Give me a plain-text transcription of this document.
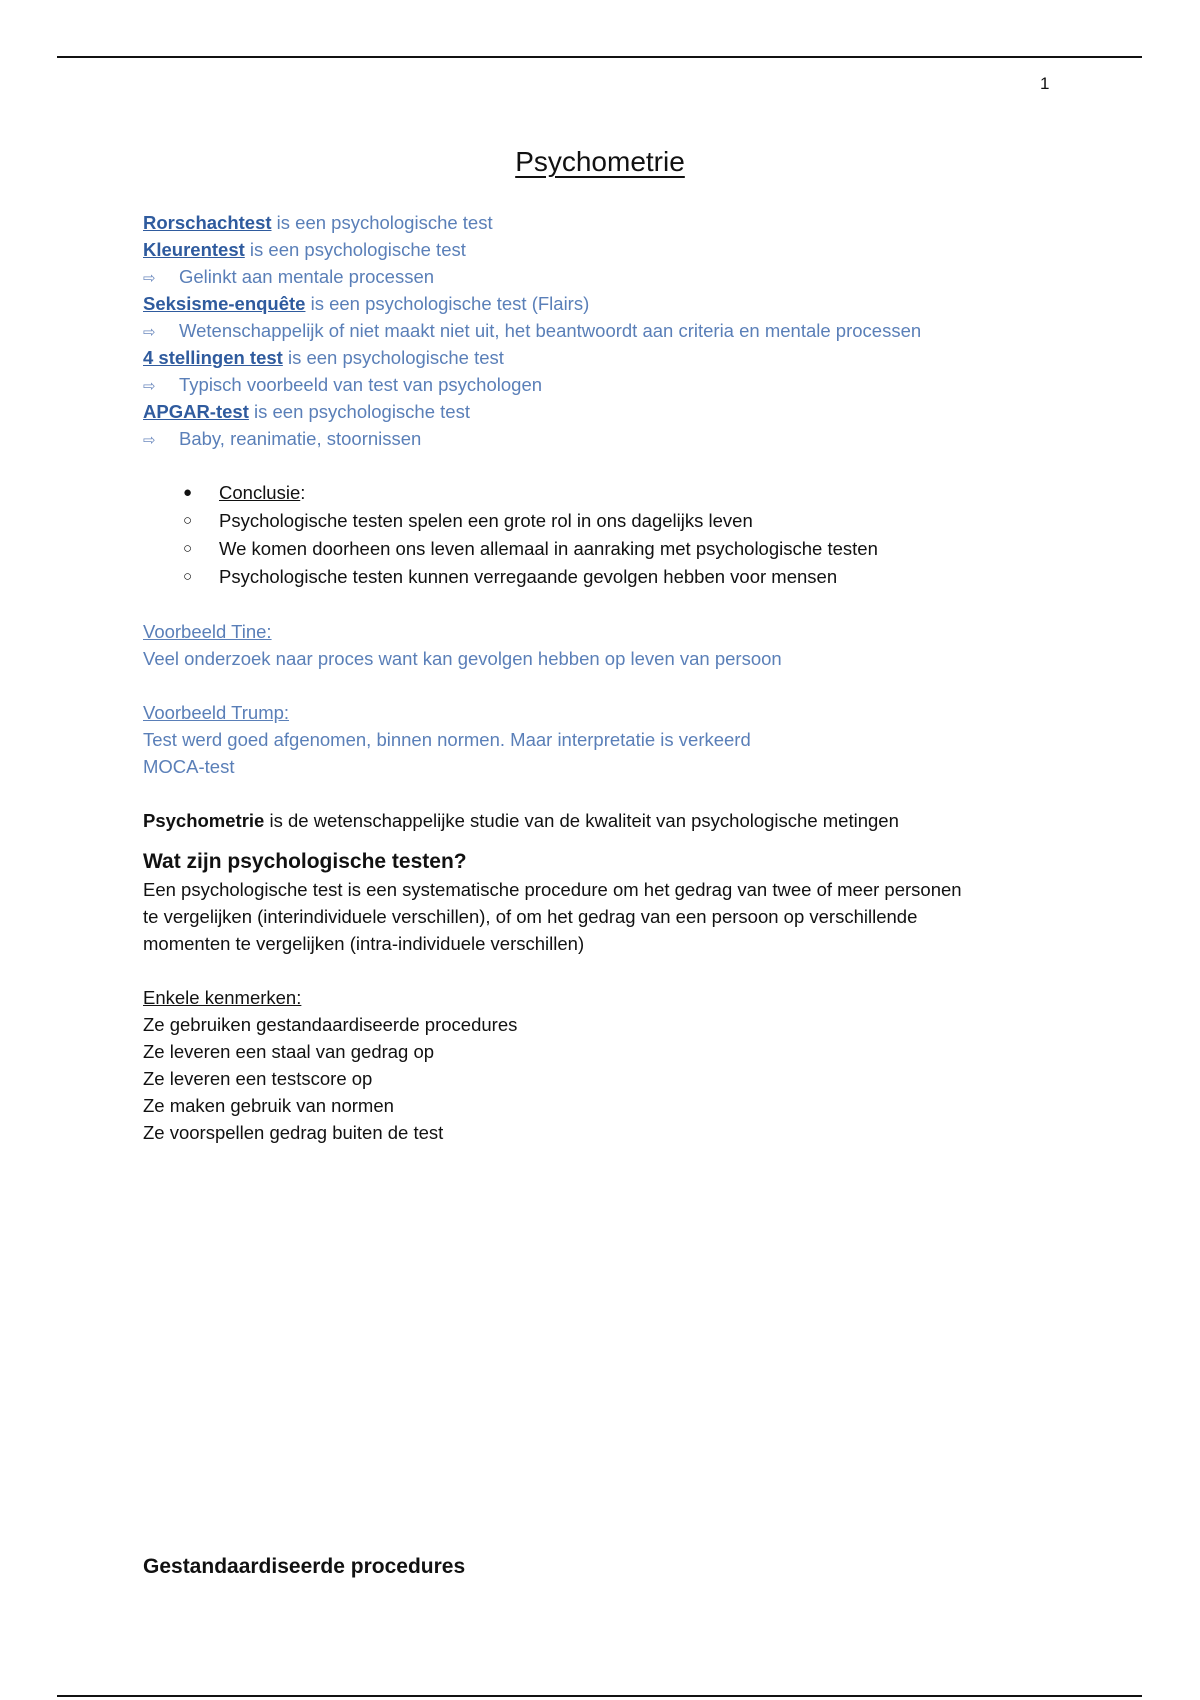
1
Psychometrie
Rorschachtest is een psychologische test
Kleurentest is een psychologische test
⇨ Gelinkt aan mentale processen
Seksisme-enquête is een psychologische test (Flairs)
⇨ Wetenschappelijk of niet maakt niet uit, het beantwoordt aan criteria en mentale processen
4 stellingen test is een psychologische test
⇨ Typisch voorbeeld van test van psychologen
APGAR-test is een psychologische test
⇨ Baby, reanimatie, stoornissen
●	Conclusie:
○	Psychologische testen spelen een grote rol in ons dagelijks leven
○	We komen doorheen ons leven allemaal in aanraking met psychologische testen
○	Psychologische testen kunnen verregaande gevolgen hebben voor mensen
Voorbeeld Tine:
Veel onderzoek naar proces want kan gevolgen hebben op leven van persoon
Voorbeeld Trump:
Test werd goed afgenomen, binnen normen. Maar interpretatie is verkeerd
MOCA-test
Psychometrie is de wetenschappelijke studie van de kwaliteit van psychologische metingen
Wat zijn psychologische testen?
Een psychologische test is een systematische procedure om het gedrag van twee of meer personen
te vergelijken (interindividuele verschillen), of om het gedrag van een persoon op verschillende
momenten te vergelijken (intra-individuele verschillen)
Enkele kenmerken:
Ze gebruiken gestandaardiseerde procedures
Ze leveren een staal van gedrag op
Ze leveren een testscore op
Ze maken gebruik van normen
Ze voorspellen gedrag buiten de test
Gestandaardiseerde procedures
